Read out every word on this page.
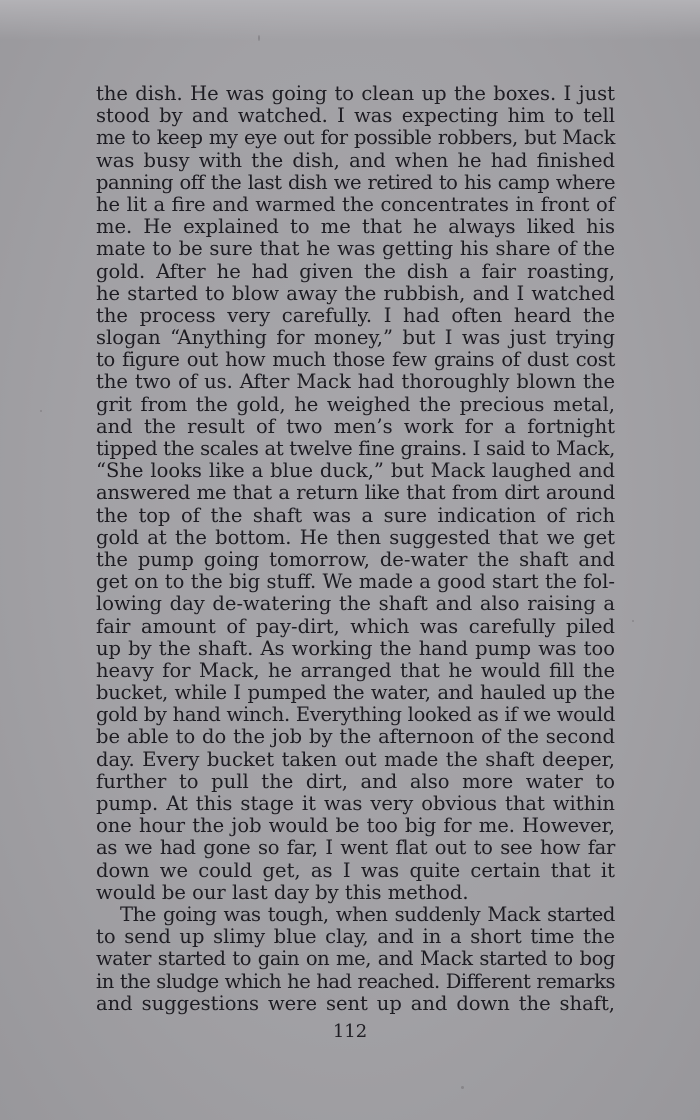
the dish. He was going to clean up the boxes. I just
stood by and watched. I was expecting him to tell
me to keep my eye out for possible robbers, but Mack
was busy with the dish, and when he had finished
panning off the last dish we retired to his camp where
he lit a fire and warmed the concentrates in front of
me. He explained to me that he always liked his
mate to be sure that he was getting his share of the
gold. After he had given the dish a fair roasting,
he started to blow away the rubbish, and I watched
the process very carefully. I had often heard the
slogan “Anything for money,” but I was just trying
to figure out how much those few grains of dust cost
the two of us. After Mack had thoroughly blown the
grit from the gold, he weighed the precious metal,
and the result of two men’s work for a fortnight
tipped the scales at twelve fine grains. I said to Mack,
“She looks like a blue duck,” but Mack laughed and
answered me that a return like that from dirt around
the top of the shaft was a sure indication of rich
gold at the bottom. He then suggested that we get
the pump going tomorrow, de-water the shaft and
get on to the big stuff. We made a good start the fol-
lowing day de-watering the shaft and also raising a
fair amount of pay-dirt, which was carefully piled
up by the shaft. As working the hand pump was too
heavy for Mack, he arranged that he would fill the
bucket, while I pumped the water, and hauled up the
gold by hand winch. Everything looked as if we would
be able to do the job by the afternoon of the second
day. Every bucket taken out made the shaft deeper,
further to pull the dirt, and also more water to
pump. At this stage it was very obvious that within
one hour the job would be too big for me. However,
as we had gone so far, I went flat out to see how far
down we could get, as I was quite certain that it
would be our last day by this method.
The going was tough, when suddenly Mack started
to send up slimy blue clay, and in a short time the
water started to gain on me, and Mack started to bog
in the sludge which he had reached. Different remarks
and suggestions were sent up and down the shaft,
112
